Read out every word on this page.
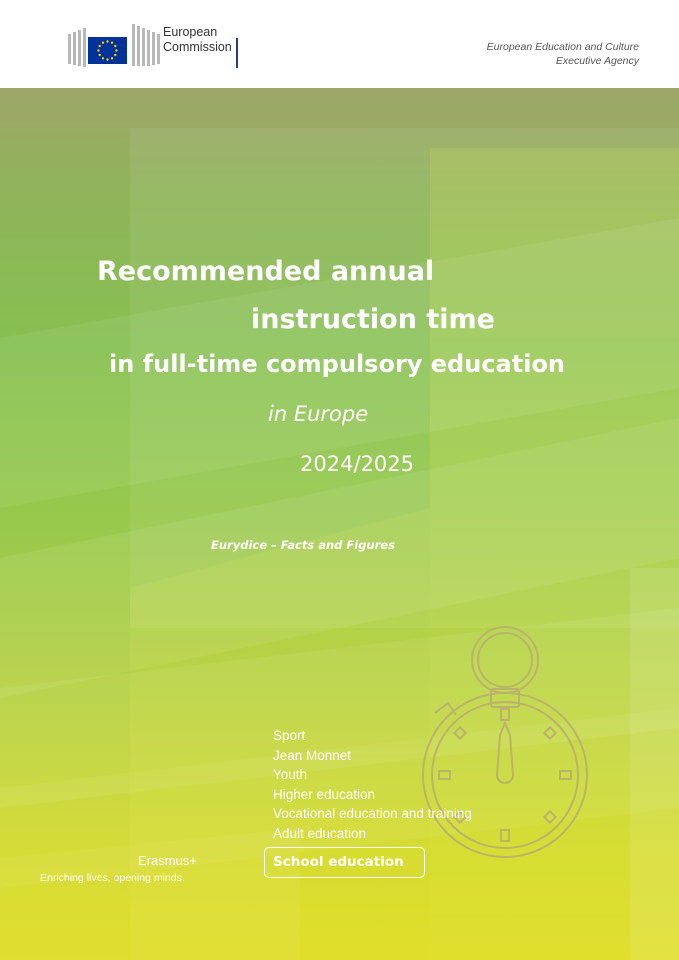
European
Commission	European Education and Culture
Executive Agency
Recommended annual
instruction time
in full-time compulsory education
in Europe
2024/2025
Eurydice – Facts and Figures
Sport
Jean Monnet
Youth
Higher education
Vocational education and training
Adult education
School education
Erasmus+
Enriching lives, opening minds.
